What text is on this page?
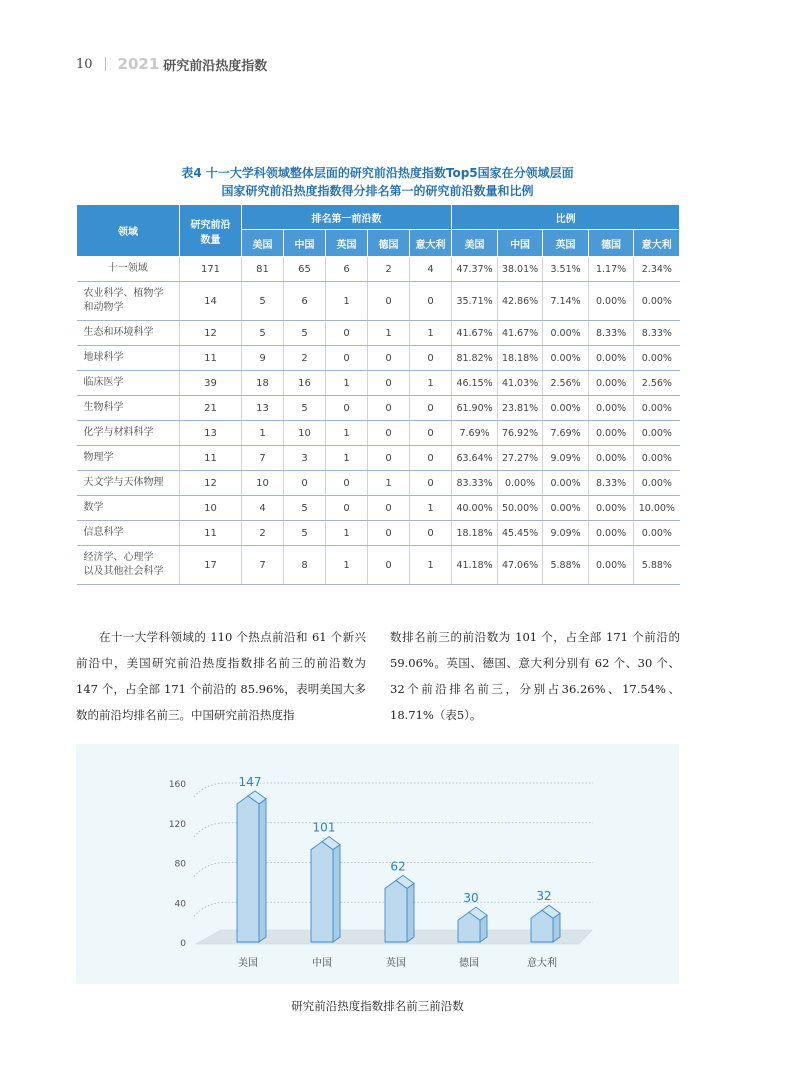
10 2021 研究前沿热度指数
表4 十一大学科领域整体层面的研究前沿热度指数Top5国家在分领域层面
国家研究前沿热度指数得分排名第一的研究前沿数量和比例
领域	研究前沿
数量	排名第一前沿数					比例				
		美国	中国	英国	德国	意大利	美国	中国	英国	德国	意大利
十一领域	171	81	65	6	2	4	47.37%	38.01%	3.51%	1.17%	2.34%

农业科学、植物学
和动物学	14	5	6	1	0	0	35.71%	42.86%	7.14%	0.00%	0.00%
生态和环境科学	12	5	5	0	1	1	41.67%	41.67%	0.00%	8.33%	8.33%
地球科学	11	9	2	0	0	0	81.82%	18.18%	0.00%	0.00%	0.00%
临床医学	39	18	16	1	0	1	46.15%	41.03%	2.56%	0.00%	2.56%
生物科学	21	13	5	0	0	0	61.90%	23.81%	0.00%	0.00%	0.00%
化学与材料科学	13	1	10	1	0	0	7.69%	76.92%	7.69%	0.00%	0.00%
物理学	11	7	3	1	0	0	63.64%	27.27%	9.09%	0.00%	0.00%
天文学与天体物理	12	10	0	0	1	0	83.33%	0.00%	0.00%	8.33%	0.00%
数学	10	4	5	0	0	1	40.00%	50.00%	0.00%	0.00%	10.00%
信息科学	11	2	5	1	0	0	18.18%	45.45%	9.09%	0.00%	0.00%

经济学、心理学
以及其他社会科学	17	7	8	1	0	1	41.18%	47.06%	5.88%	0.00%	5.88%
在十一大学科领域的 110 个热点前沿和 61 个新兴前沿中，美国研究前沿热度指数排名前三的前沿数为 147 个，占全部 171 个前沿的 85.96%，表明美国大多数的前沿均排名前三。中国研究前沿热度指
数排名前三的前沿数为 101 个，占全部 171 个前沿的 59.06%。英国、德国、意大利分别有 62 个、30 个、32个前沿排名前三，分别占36.26%、17.54%、18.71%（表5）。
0
40
80
120
160	147
美国
101
中国
62
英国
30
德国
32
意大利
研究前沿热度指数排名前三前沿数
